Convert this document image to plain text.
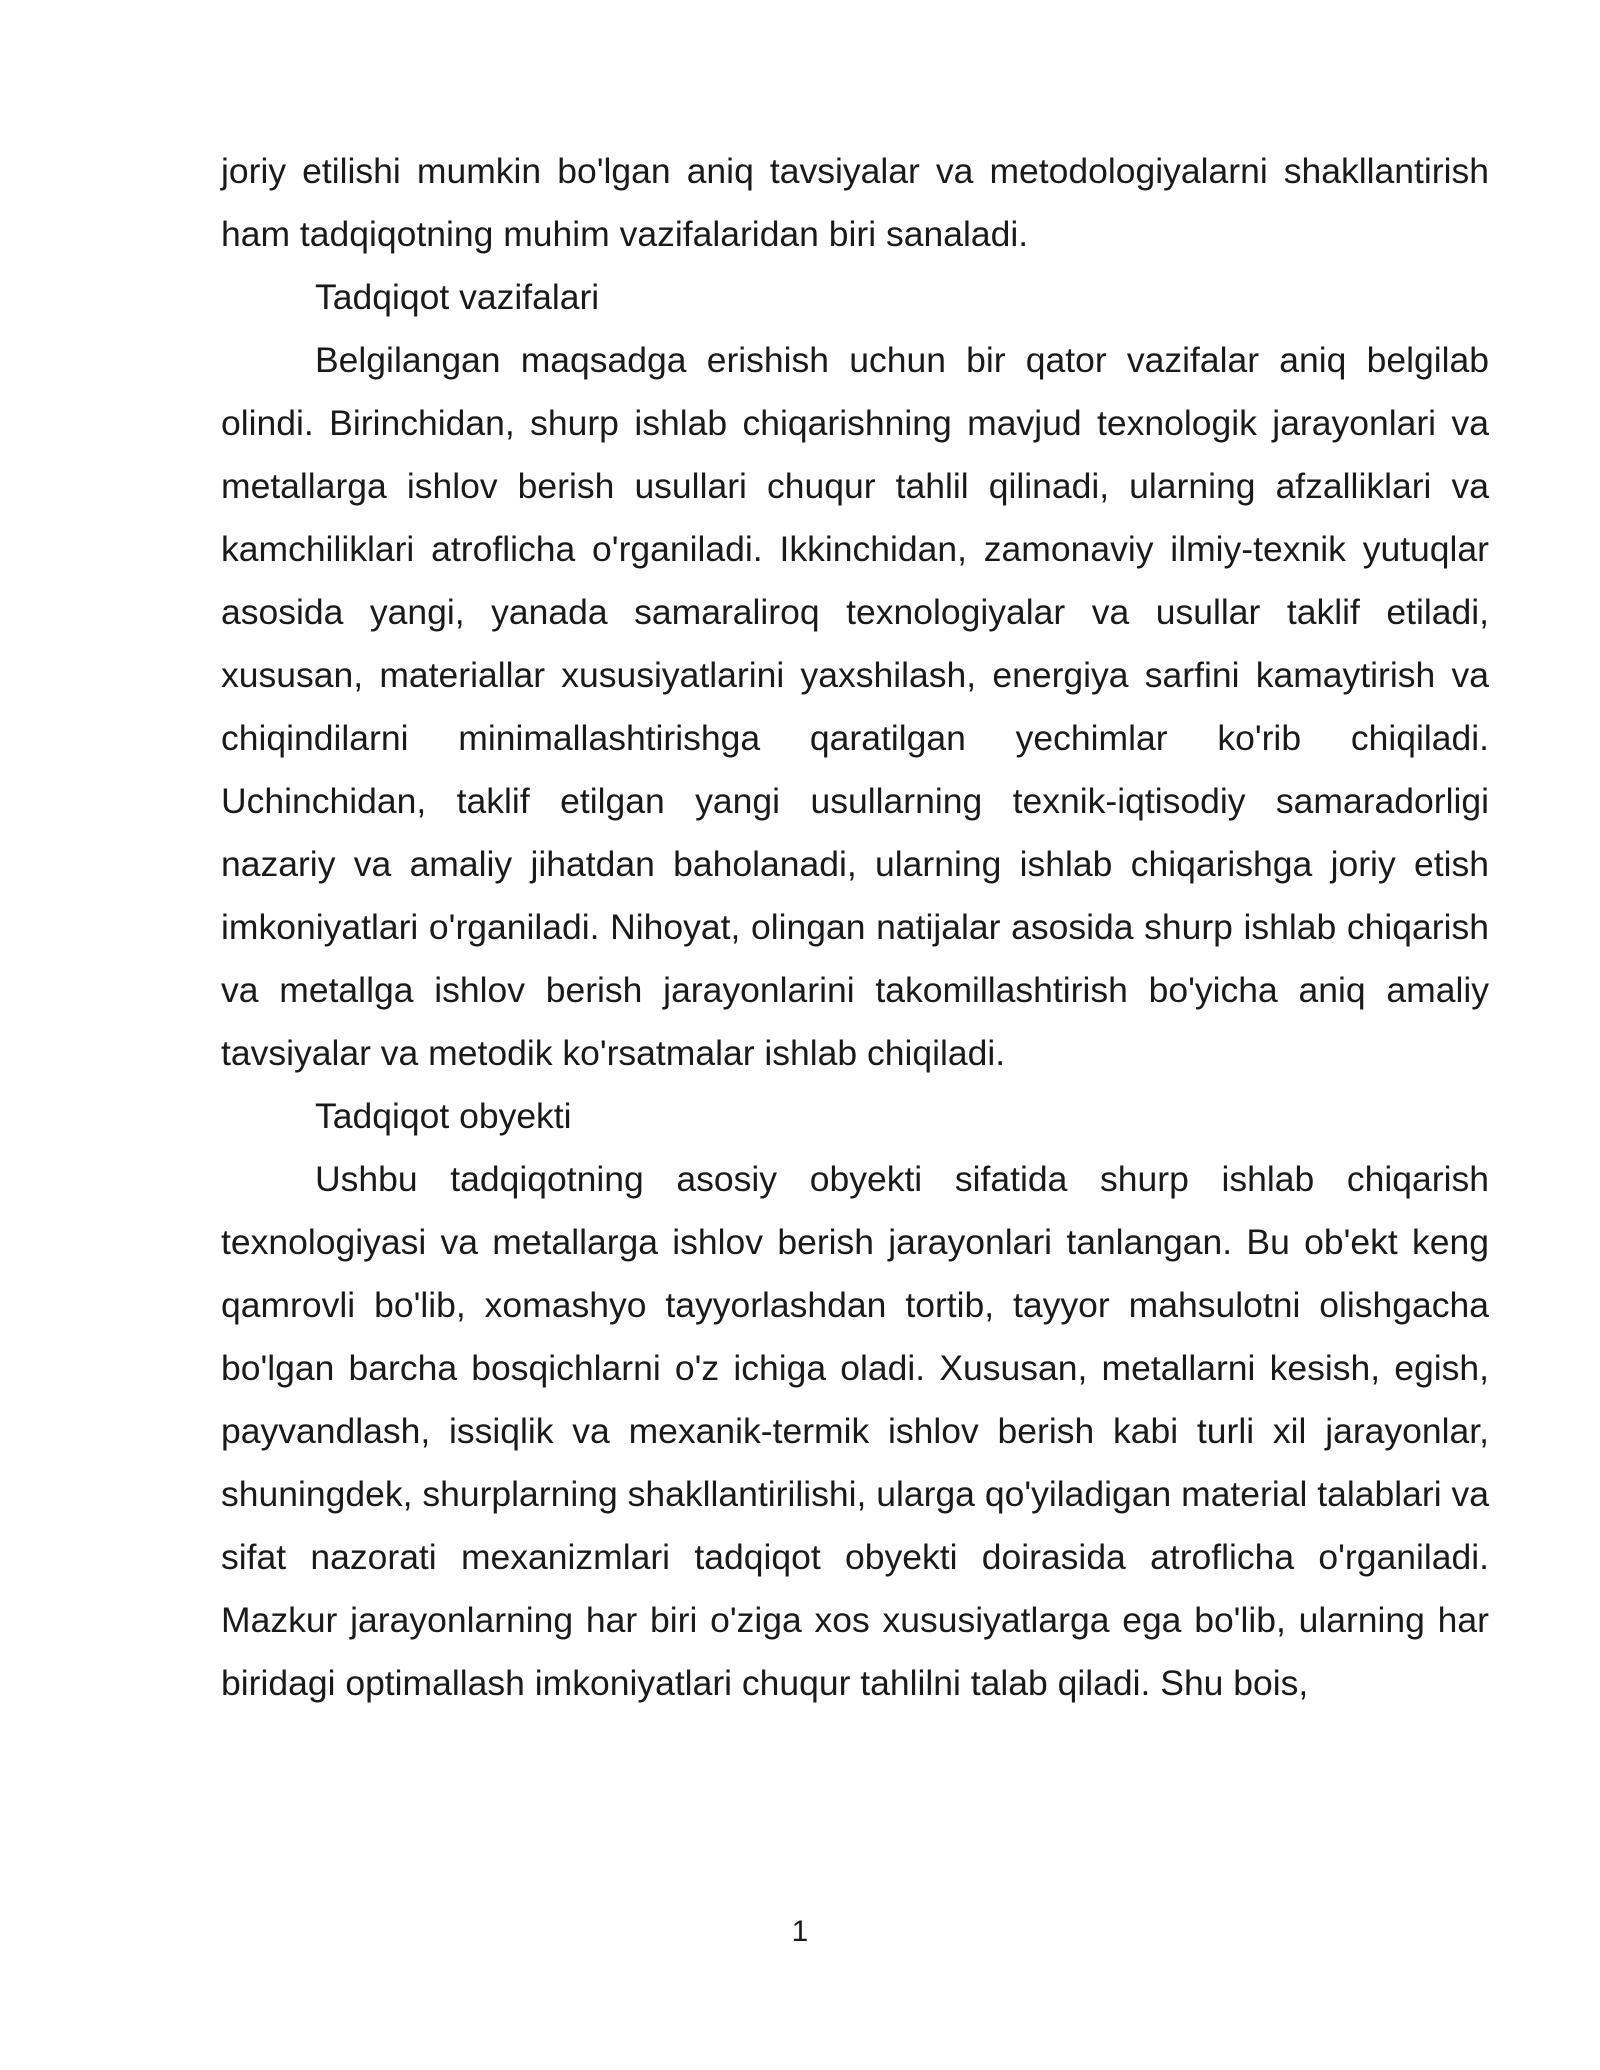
joriy etilishi mumkin bo'lgan aniq tavsiyalar va metodologiyalarni shakllantirish ham tadqiqotning muhim vazifalaridan biri sanaladi.

Tadqiqot vazifalari

Belgilangan maqsadga erishish uchun bir qator vazifalar aniq belgilab olindi. Birinchidan, shurp ishlab chiqarishning mavjud texnologik jarayonlari va metallarga ishlov berish usullari chuqur tahlil qilinadi, ularning afzalliklari va kamchiliklari atroflicha o'rganiladi. Ikkinchidan, zamonaviy ilmiy-texnik yutuqlar asosida yangi, yanada samaraliroq texnologiyalar va usullar taklif etiladi, xususan, materiallar xususiyatlarini yaxshilash, energiya sarfini kamaytirish va chiqindilarni minimallashtirishga qaratilgan yechimlar ko'rib chiqiladi. Uchinchidan, taklif etilgan yangi usullarning texnik-iqtisodiy samaradorligi nazariy va amaliy jihatdan baholanadi, ularning ishlab chiqarishga joriy etish imkoniyatlari o'rganiladi. Nihoyat, olingan natijalar asosida shurp ishlab chiqarish va metallga ishlov berish jarayonlarini takomillashtirish bo'yicha aniq amaliy tavsiyalar va metodik ko'rsatmalar ishlab chiqiladi.

Tadqiqot obyekti

Ushbu tadqiqotning asosiy obyekti sifatida shurp ishlab chiqarish texnologiyasi va metallarga ishlov berish jarayonlari tanlangan. Bu ob'ekt keng qamrovli bo'lib, xomashyo tayyorlashdan tortib, tayyor mahsulotni olishgacha bo'lgan barcha bosqichlarni o'z ichiga oladi. Xususan, metallarni kesish, egish, payvandlash, issiqlik va mexanik-termik ishlov berish kabi turli xil jarayonlar, shuningdek, shurplarning shakllantirilishi, ularga qo'yiladigan material talablari va sifat nazorati mexanizmlari tadqiqot obyekti doirasida atroflicha o'rganiladi. Mazkur jarayonlarning har biri o'ziga xos xususiyatlarga ega bo'lib, ularning har biridagi optimallash imkoniyatlari chuqur tahlilni talab qiladi. Shu bois,

1
